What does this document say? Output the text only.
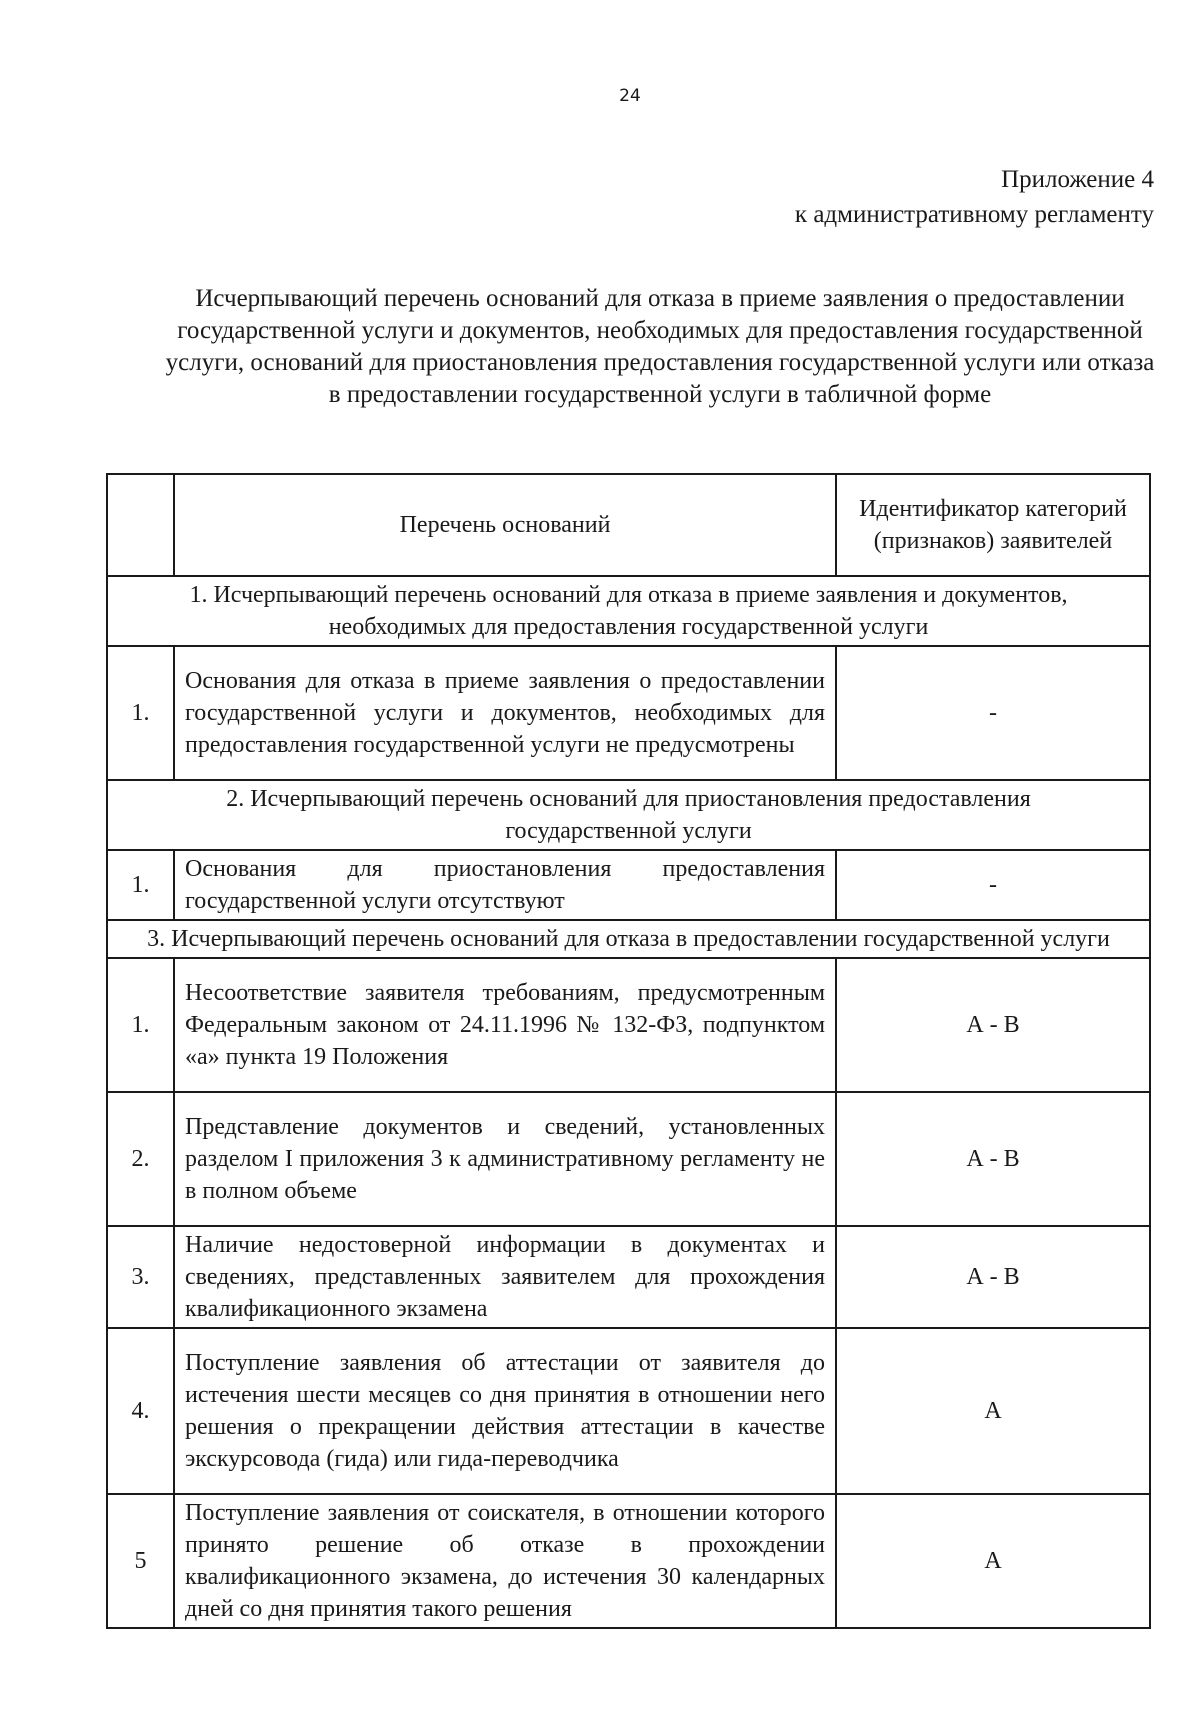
24
Приложение 4
к административному регламенту
Исчерпывающий перечень оснований для отказа в приеме заявления о предоставлении государственной услуги и документов, необходимых для предоставления государственной услуги, оснований для приостановления предоставления государственной услуги или отказа в предоставлении государственной услуги в табличной форме
	Перечень оснований	Идентификатор категорий (признаков) заявителей
1. Исчерпывающий перечень оснований для отказа в приеме заявления и документов, необходимых для предоставления государственной услуги		
1.	Основания для отказа в приеме заявления о предоставлении государственной услуги и документов, необходимых для предоставления государственной услуги не предусмотрены	-
2. Исчерпывающий перечень оснований для приостановления предоставления государственной услуги		
1.	Основания для приостановления предоставления государственной услуги отсутствуют	-
3. Исчерпывающий перечень оснований для отказа в предоставлении государственной услуги		
1.	Несоответствие заявителя требованиям, предусмотренным Федеральным законом от 24.11.1996 № 132-ФЗ, подпунктом «а» пункта 19 Положения	А - В
2.	Представление документов и сведений, установленных разделом I приложения 3 к административному регламенту не в полном объеме	А - В
3.	Наличие недостоверной информации в документах и сведениях, представленных заявителем для прохождения квалификационного экзамена	А - В
4.	Поступление заявления об аттестации от заявителя до истечения шести месяцев со дня принятия в отношении него решения о прекращении действия аттестации в качестве экскурсовода (гида) или гида-переводчика	А
5	Поступление заявления от соискателя, в отношении которого принято решение об отказе в прохождении квалификационного экзамена, до истечения 30 календарных дней со дня принятия такого решения	А
